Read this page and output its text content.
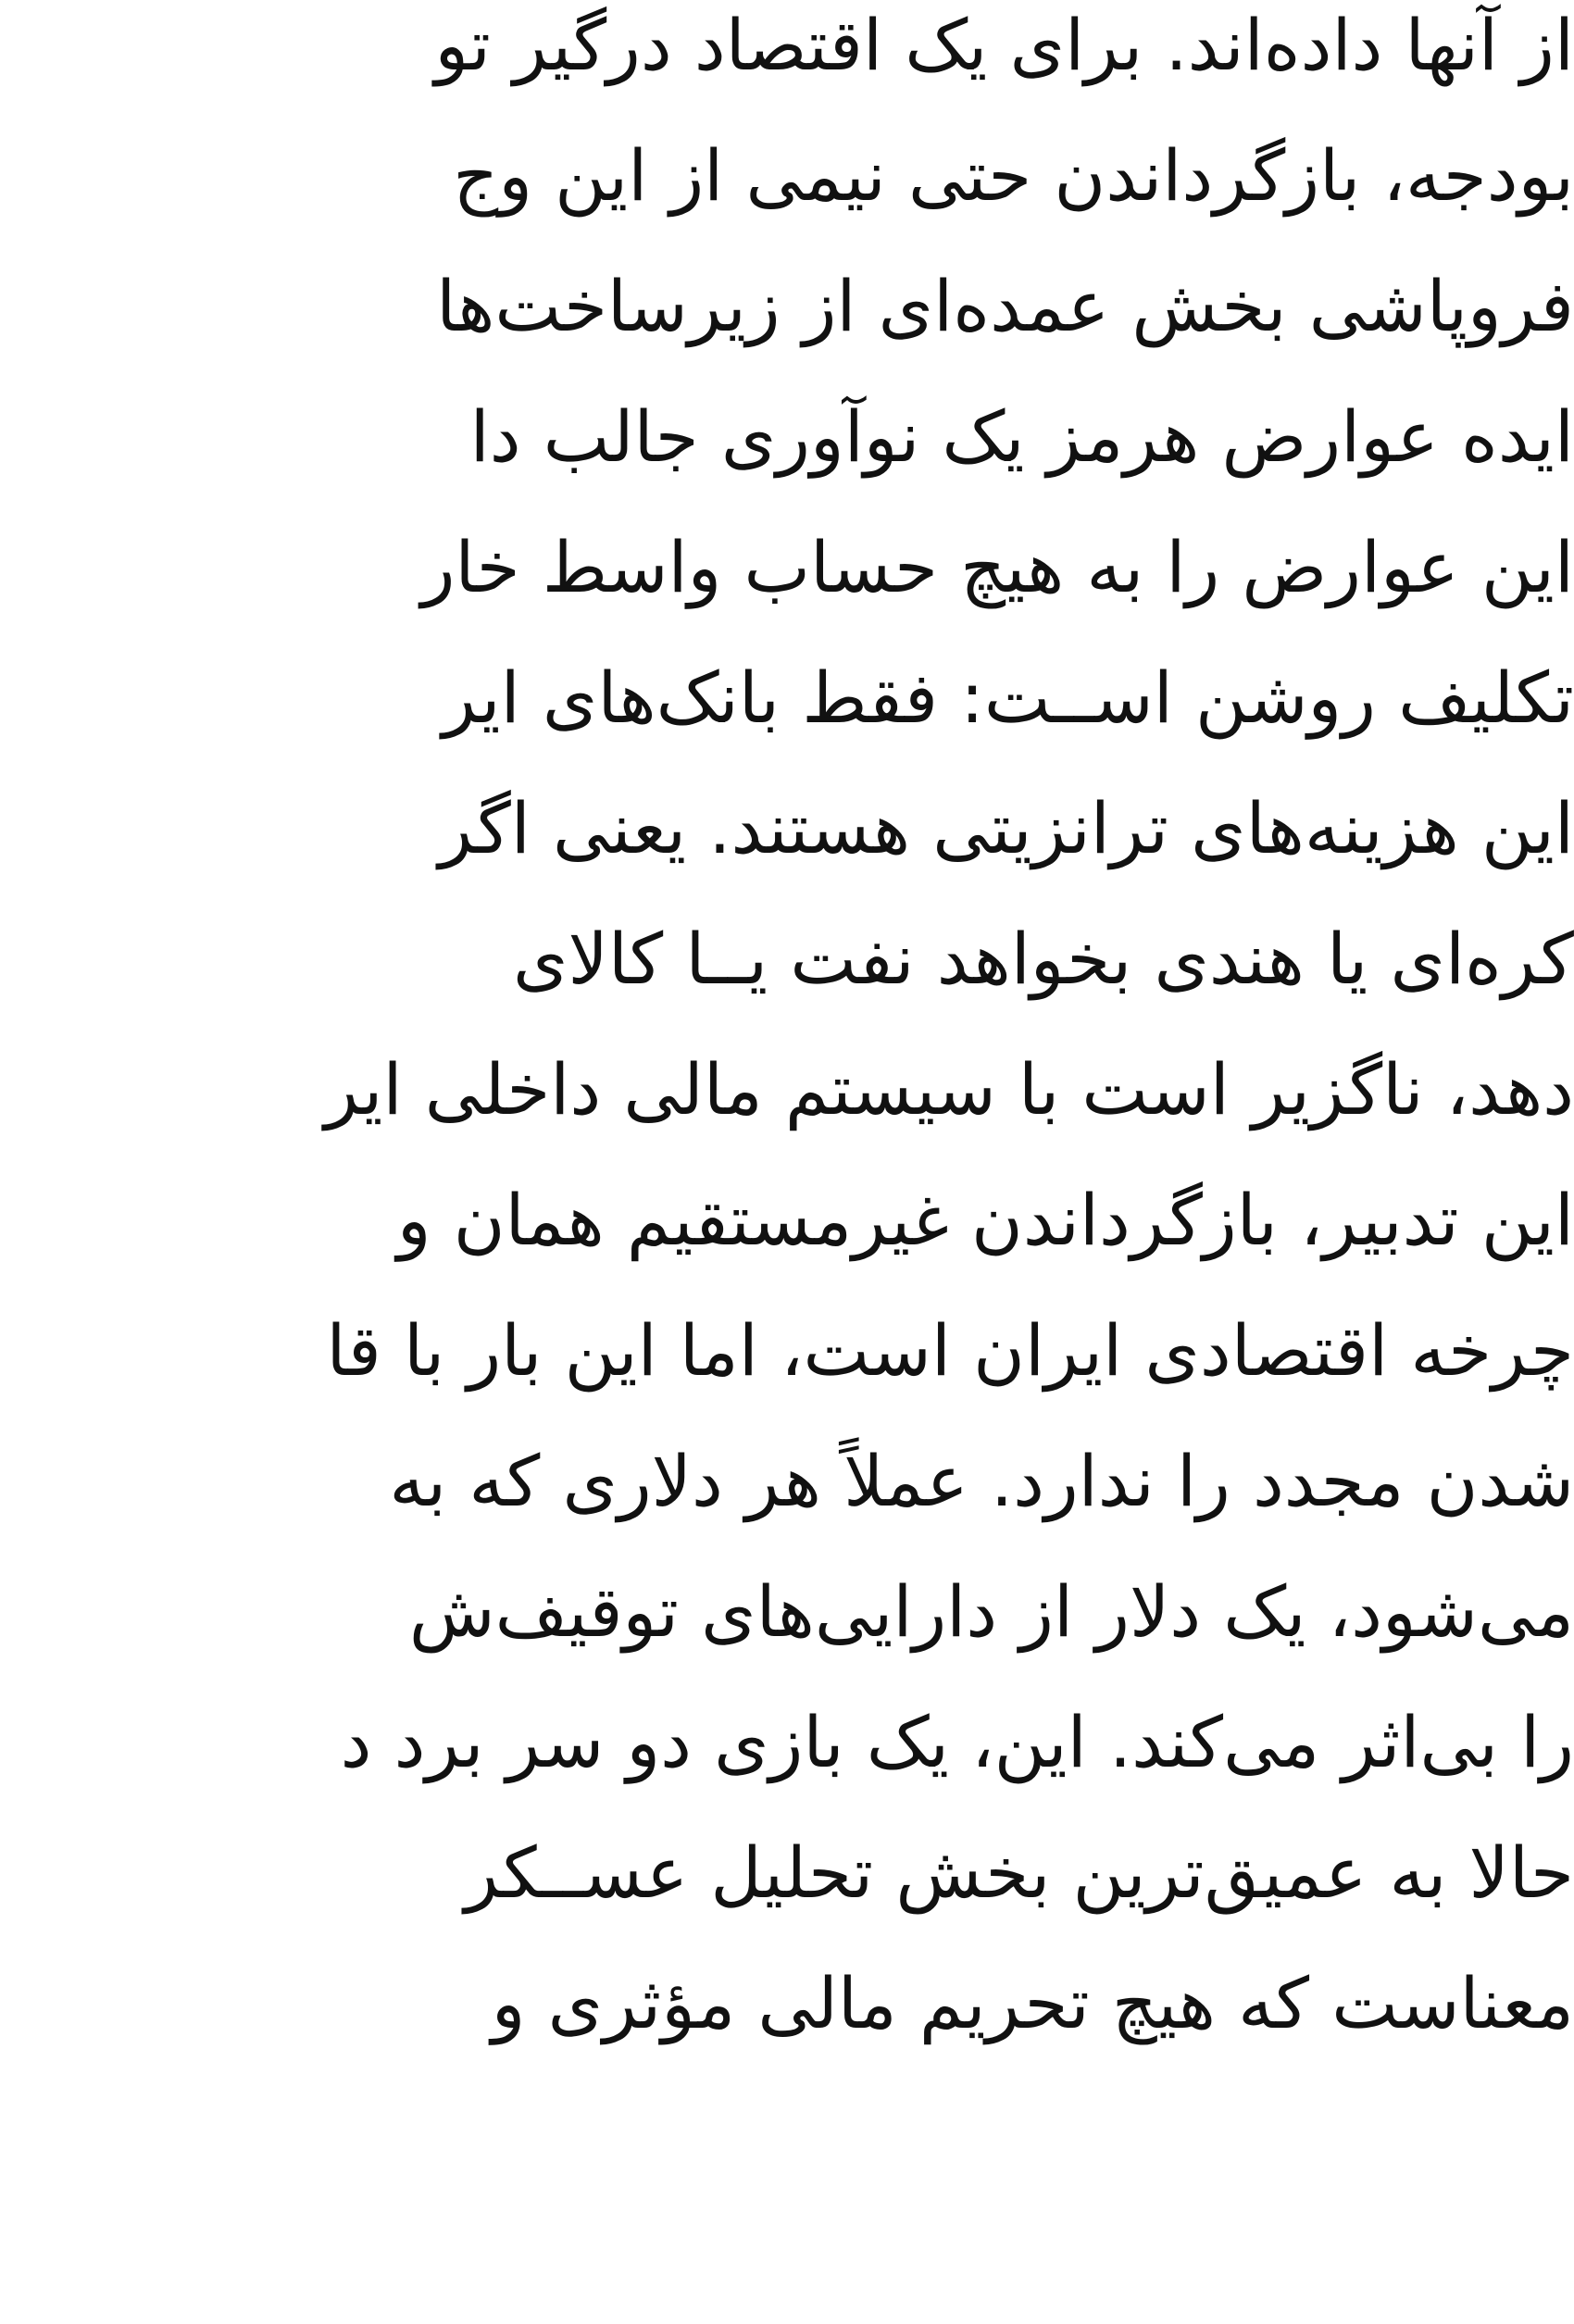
از آنها داده‌اند. برای یک اقتصاد درگیر تو
بودجه، بازگرداندن حتی نیمی از این وج
فروپاشی بخش عمده‌ای از زیرساخت‌ها
ایده عوارض هرمز یک نوآوری جالب دا
این عوارض را به هیچ حساب واسط خار
تکلیف روشن اســت: فقط بانک‌های ایر
این هزینه‌های ترانزیتی هستند. یعنی اگر
کره‌ای یا هندی بخواهد نفت یــا کالای
دهد، ناگزیر است با سیستم مالی داخلی ایر
این تدبیر، بازگرداندن غیرمستقیم همان و
چرخه اقتصادی ایران است، اما این بار با قا
شدن مجدد را ندارد. عملاً هر دلاری که به
می‌شود، یک دلار از دارایی‌های توقیف‌ش
را بی‌اثر می‌کند. این، یک بازی دو سر برد د
حالا به عمیق‌ترین بخش تحلیل عســکر
معناست که هیچ تحریم مالی مؤثری و
